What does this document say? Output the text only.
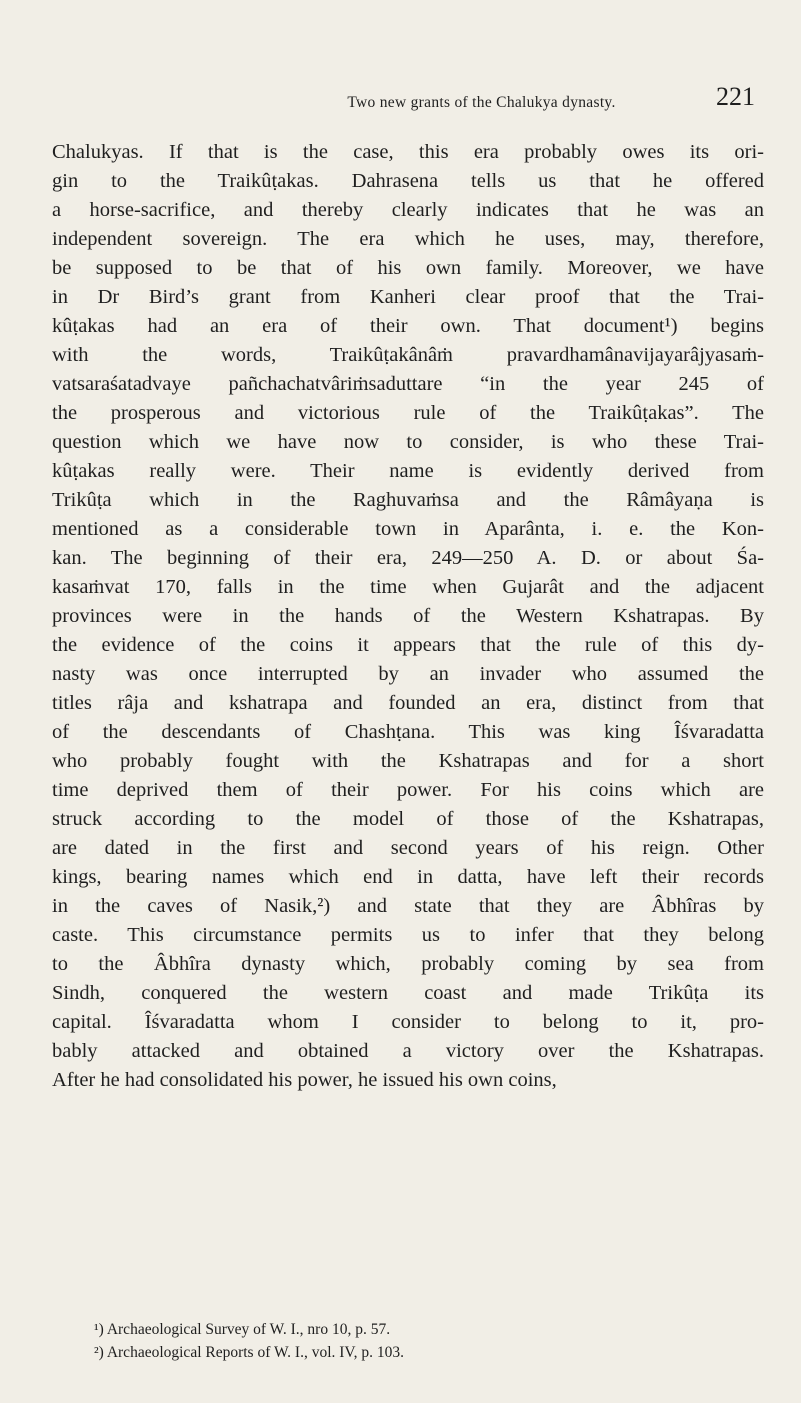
Two new grants of the Chalukya dynasty.	221
Chalukyas. If that is the case, this era probably owes its ori-
gin to the Traikûṭakas. Dahrasena tells us that he offered
a horse-sacrifice, and thereby clearly indicates that he was an
independent sovereign. The era which he uses, may, therefore,
be supposed to be that of his own family. Moreover, we have
in Dr Bird’s grant from Kanheri clear proof that the Trai-
kûṭakas had an era of their own. That document¹) begins
with the words, Traikûṭakânâṁ pravardhamânavijayarâjyasaṁ-
vatsaraśatadvaye pañchachatvâriṁsaduttare “in the year 245 of
the prosperous and victorious rule of the Traikûṭakas”. The
question which we have now to consider, is who these Trai-
kûṭakas really were. Their name is evidently derived from
Trikûṭa which in the Raghuvaṁsa and the Râmâyaṇa is
mentioned as a considerable town in Aparânta, i. e. the Kon-
kan. The beginning of their era, 249—250 A. D. or about Śa-
kasaṁvat 170, falls in the time when Gujarât and the adjacent
provinces were in the hands of the Western Kshatrapas. By
the evidence of the coins it appears that the rule of this dy-
nasty was once interrupted by an invader who assumed the
titles râja and kshatrapa and founded an era, distinct from that
of the descendants of Chashṭana. This was king Îśvaradatta
who probably fought with the Kshatrapas and for a short
time deprived them of their power. For his coins which are
struck according to the model of those of the Kshatrapas,
are dated in the first and second years of his reign. Other
kings, bearing names which end in datta, have left their records
in the caves of Nasik,²) and state that they are Âbhîras by
caste. This circumstance permits us to infer that they belong
to the Âbhîra dynasty which, probably coming by sea from
Sindh, conquered the western coast and made Trikûṭa its
capital. Îśvaradatta whom I consider to belong to it, pro-
bably attacked and obtained a victory over the Kshatrapas.
After he had consolidated his power, he issued his own coins,
¹) Archaeological Survey of W. I., nro 10, p. 57.
²) Archaeological Reports of W. I., vol. IV, p. 103.
